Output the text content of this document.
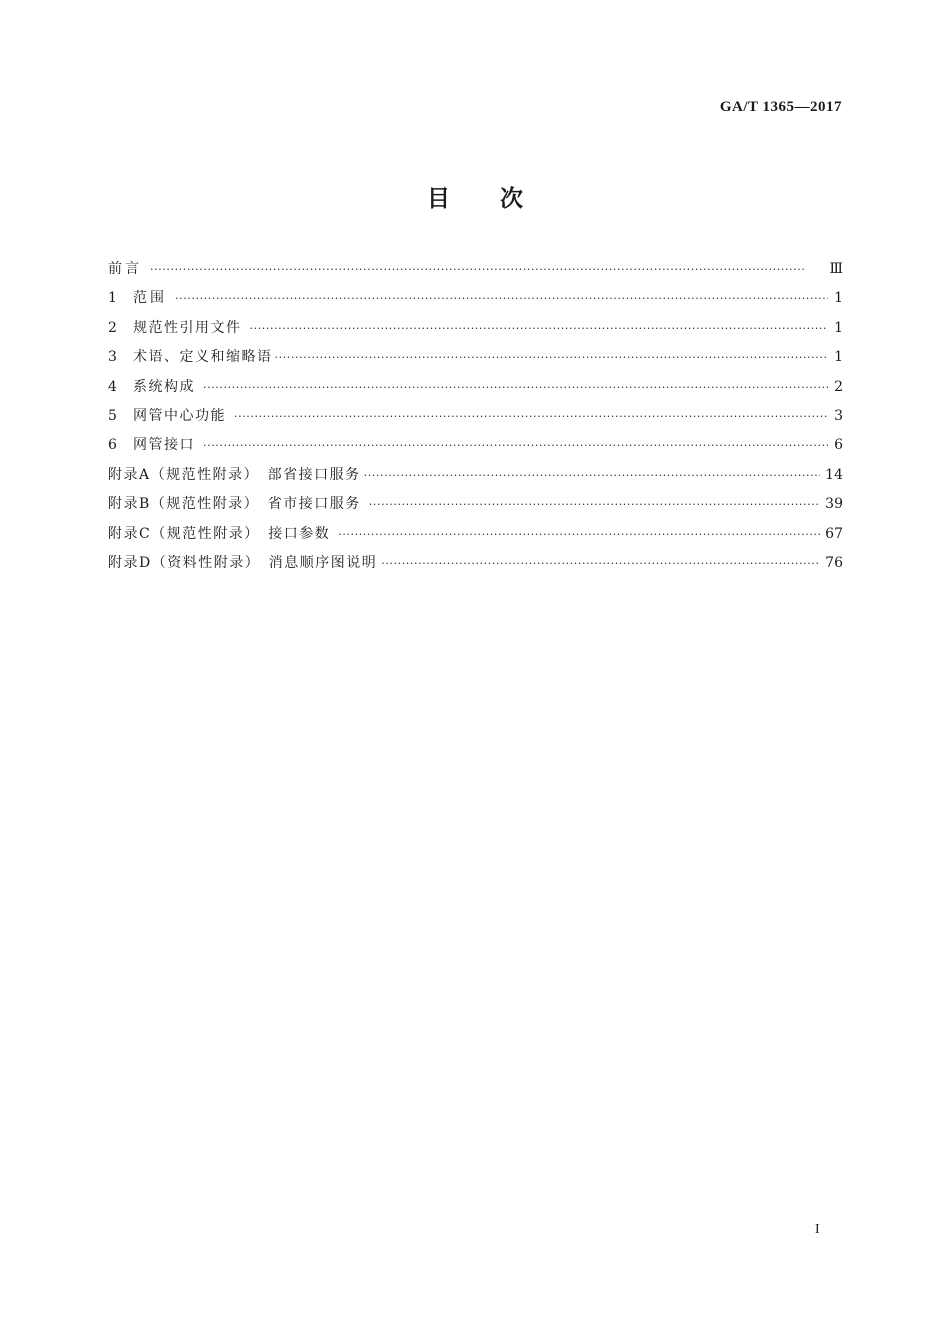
GA/T 1365—2017
目次
前言 ·····	Ⅲ
1	范围 ·····	1
2	规范性引用文件 ·····	1
3	术语、定义和缩略语 ·····	1
4	系统构成 ·····	2
5	网管中心功能 ·····	3
6	网管接口 ·····	6
附录A（规范性附录）　部省接口服务 ·····	14
附录B（规范性附录）　省市接口服务 ·····	39
附录C（规范性附录）　接口参数 ·····	67
附录D（资料性附录）　消息顺序图说明 ·····	76
I
